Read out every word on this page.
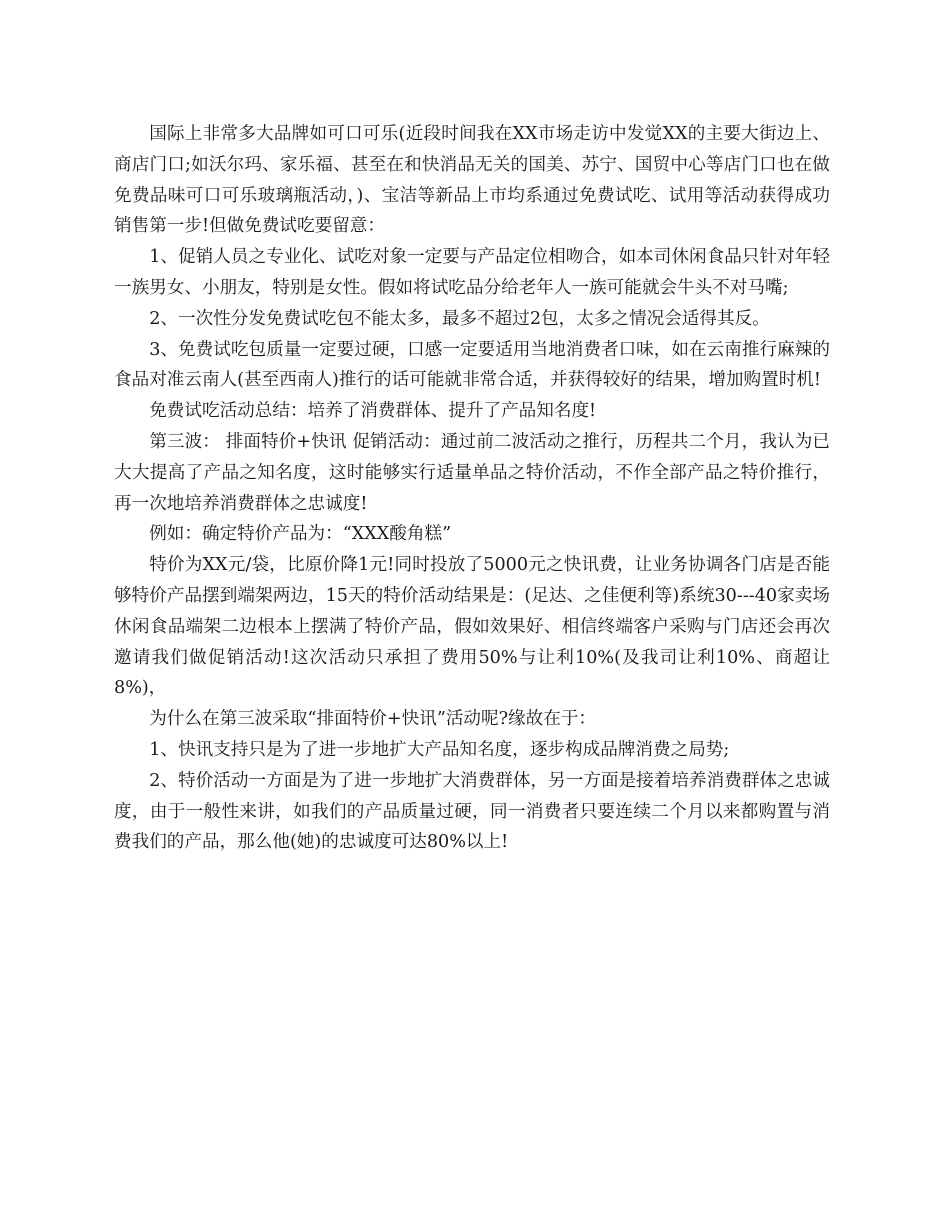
国际上非常多大品牌如可口可乐(近段时间我在XX市场走访中发觉XX的主要大街边上、商店门口;如沃尔玛、家乐福、甚至在和快消品无关的国美、苏宁、国贸中心等店门口也在做免费品味可口可乐玻璃瓶活动，)、宝洁等新品上市均系通过免费试吃、试用等活动获得成功销售第一步!但做免费试吃要留意：

1、促销人员之专业化、试吃对象一定要与产品定位相吻合，如本司休闲食品只针对年轻一族男女、小朋友，特别是女性。假如将试吃品分给老年人一族可能就会牛头不对马嘴;

2、一次性分发免费试吃包不能太多，最多不超过2包，太多之情况会适得其反。

3、免费试吃包质量一定要过硬，口感一定要适用当地消费者口味，如在云南推行麻辣的食品对准云南人(甚至西南人)推行的话可能就非常合适，并获得较好的结果，增加购置时机!

免费试吃活动总结：培养了消费群体、提升了产品知名度!

第三波： 排面特价+快讯 促销活动：通过前二波活动之推行，历程共二个月，我认为已大大提高了产品之知名度，这时能够实行适量单品之特价活动，不作全部产品之特价推行，再一次地培养消费群体之忠诚度!

例如：确定特价产品为：“XXX酸角糕”

特价为XX元/袋，比原价降1元!同时投放了5000元之快讯费，让业务协调各门店是否能够特价产品摆到端架两边，15天的特价活动结果是：(足达、之佳便利等)系统30---40家卖场休闲食品端架二边根本上摆满了特价产品，假如效果好、相信终端客户采购与门店还会再次邀请我们做促销活动!这次活动只承担了费用50%与让利10%(及我司让利10%、商超让8%)，

为什么在第三波采取“排面特价+快讯”活动呢?缘故在于：

1、快讯支持只是为了进一步地扩大产品知名度，逐步构成品牌消费之局势;

2、特价活动一方面是为了进一步地扩大消费群体，另一方面是接着培养消费群体之忠诚度，由于一般性来讲，如我们的产品质量过硬，同一消费者只要连续二个月以来都购置与消费我们的产品，那么他(她)的忠诚度可达80%以上!
